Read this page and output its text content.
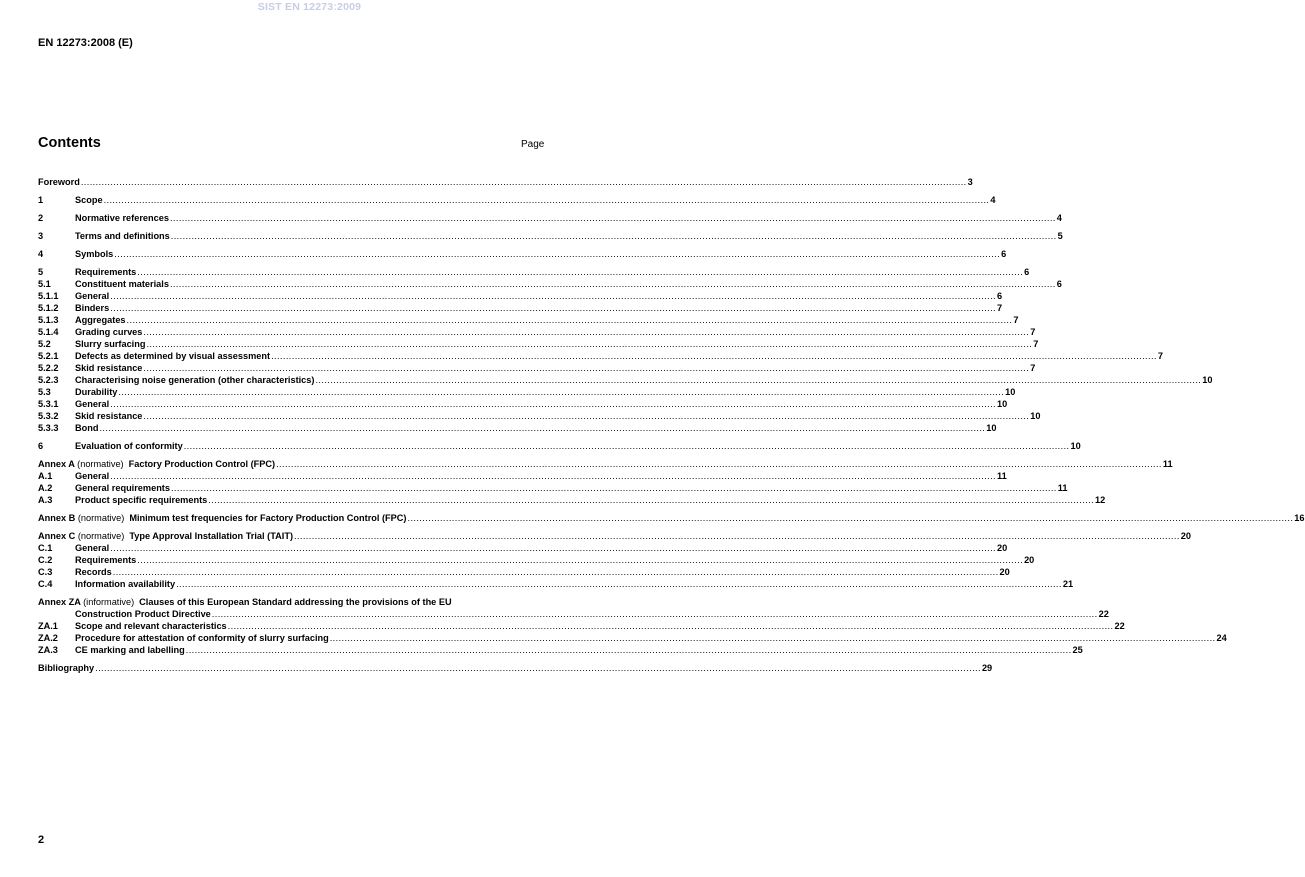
SIST EN 12273:2009
EN 12273:2008 (E)
Contents	Page
Foreword ............................................................................................................................................................................................................................................................................................................ 3
1	Scope ............................................................................................................................................................................................................................................................................................................ 4
2	Normative references ............................................................................................................................................................................................................................................................................................................ 4
3	Terms and definitions ............................................................................................................................................................................................................................................................................................................ 5
4	Symbols ............................................................................................................................................................................................................................................................................................................ 6
5	Requirements ............................................................................................................................................................................................................................................................................................................ 6
5.1	Constituent materials ............................................................................................................................................................................................................................................................................................................ 6
5.1.1	General ............................................................................................................................................................................................................................................................................................................ 6
5.1.2	Binders ............................................................................................................................................................................................................................................................................................................ 7
5.1.3	Aggregates ............................................................................................................................................................................................................................................................................................................ 7
5.1.4	Grading curves ............................................................................................................................................................................................................................................................................................................ 7
5.2	Slurry surfacing ............................................................................................................................................................................................................................................................................................................ 7
5.2.1	Defects as determined by visual assessment ............................................................................................................................................................................................................................................................................................................ 7
5.2.2	Skid resistance ............................................................................................................................................................................................................................................................................................................ 7
5.2.3	Characterising noise generation (other characteristics) ............................................................................................................................................................................................................................................................................................................ 10
5.3	Durability ............................................................................................................................................................................................................................................................................................................ 10
5.3.1	General ............................................................................................................................................................................................................................................................................................................ 10
5.3.2	Skid resistance ............................................................................................................................................................................................................................................................................................................ 10
5.3.3	Bond ............................................................................................................................................................................................................................................................................................................ 10
6	Evaluation of conformity ............................................................................................................................................................................................................................................................................................................ 10
Annex A (normative) Factory Production Control (FPC) ............................................................................................................................................................................................................................................................................................................ 11
A.1	General ............................................................................................................................................................................................................................................................................................................ 11
A.2	General requirements ............................................................................................................................................................................................................................................................................................................ 11
A.3	Product specific requirements ............................................................................................................................................................................................................................................................................................................ 12
Annex B (normative) Minimum test frequencies for Factory Production Control (FPC) ............................................................................................................................................................................................................................................................................................................ 16
Annex C (normative) Type Approval Installation Trial (TAIT) ............................................................................................................................................................................................................................................................................................................ 20
C.1	General ............................................................................................................................................................................................................................................................................................................ 20
C.2	Requirements ............................................................................................................................................................................................................................................................................................................ 20
C.3	Records ............................................................................................................................................................................................................................................................................................................ 20
C.4	Information availability ............................................................................................................................................................................................................................................................................................................ 21
Annex ZA (informative) Clauses of this European Standard addressing the provisions of the EU
Construction Product Directive ............................................................................................................................................................................................................................................................................................................ 22
ZA.1	Scope and relevant characteristics ............................................................................................................................................................................................................................................................................................................ 22
ZA.2	Procedure for attestation of conformity of slurry surfacing ............................................................................................................................................................................................................................................................................................................ 24
ZA.3	CE marking and labelling ............................................................................................................................................................................................................................................................................................................ 25
Bibliography ............................................................................................................................................................................................................................................................................................................ 29
2
